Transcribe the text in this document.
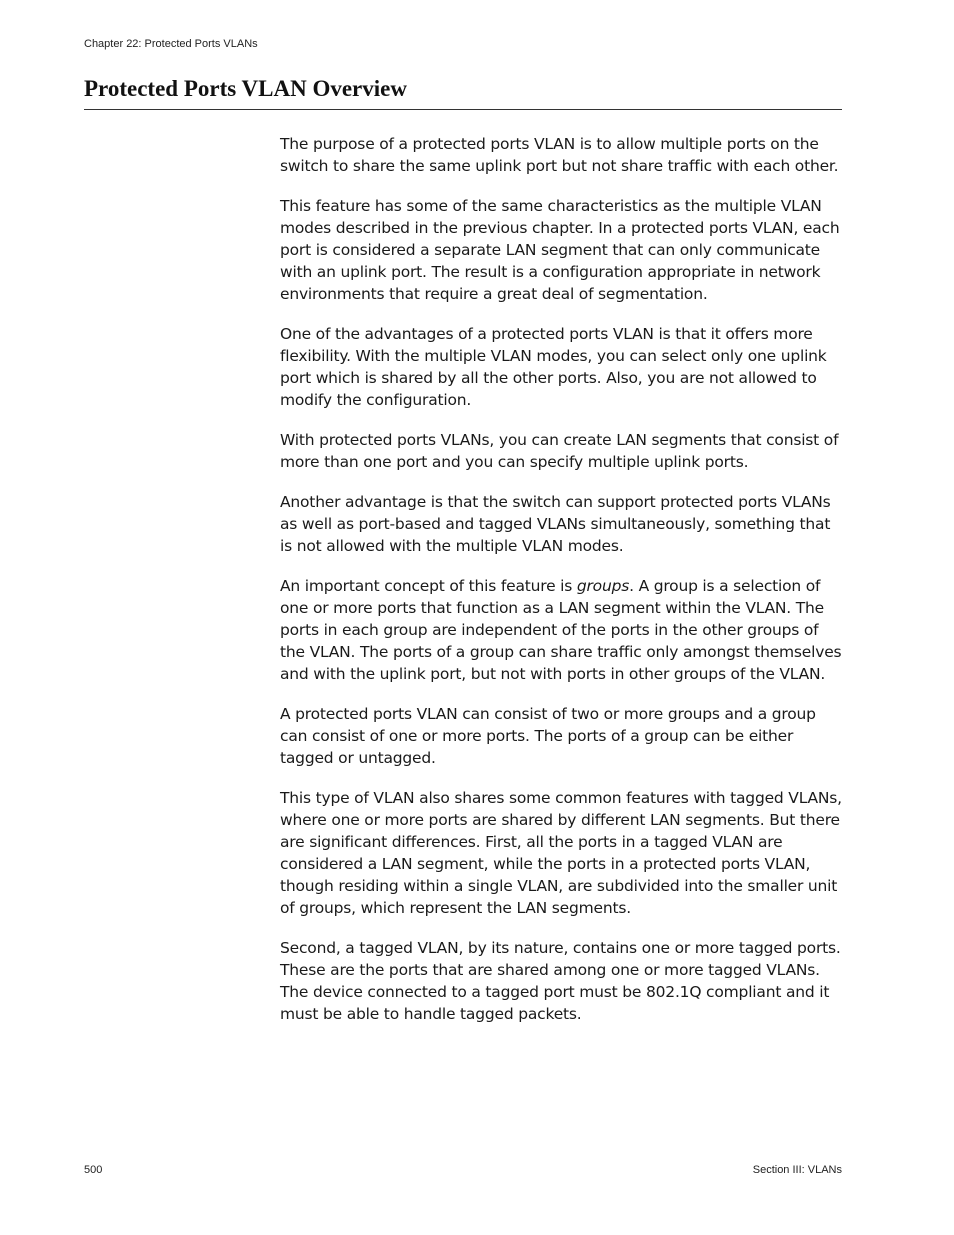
Chapter 22: Protected Ports VLANs
Protected Ports VLAN Overview

The purpose of a protected ports VLAN is to allow multiple ports on the switch to share the same uplink port but not share traffic with each other.

This feature has some of the same characteristics as the multiple VLAN modes described in the previous chapter. In a protected ports VLAN, each port is considered a separate LAN segment that can only communicate with an uplink port. The result is a configuration appropriate in network environments that require a great deal of segmentation.

One of the advantages of a protected ports VLAN is that it offers more flexibility. With the multiple VLAN modes, you can select only one uplink port which is shared by all the other ports. Also, you are not allowed to modify the configuration.

With protected ports VLANs, you can create LAN segments that consist of more than one port and you can specify multiple uplink ports.

Another advantage is that the switch can support protected ports VLANs as well as port-based and tagged VLANs simultaneously, something that is not allowed with the multiple VLAN modes.

An important concept of this feature is groups. A group is a selection of one or more ports that function as a LAN segment within the VLAN. The ports in each group are independent of the ports in the other groups of the VLAN. The ports of a group can share traffic only amongst themselves and with the uplink port, but not with ports in other groups of the VLAN.

A protected ports VLAN can consist of two or more groups and a group can consist of one or more ports. The ports of a group can be either tagged or untagged.

This type of VLAN also shares some common features with tagged VLANs, where one or more ports are shared by different LAN segments. But there are significant differences. First, all the ports in a tagged VLAN are considered a LAN segment, while the ports in a protected ports VLAN, though residing within a single VLAN, are subdivided into the smaller unit of groups, which represent the LAN segments.

Second, a tagged VLAN, by its nature, contains one or more tagged ports. These are the ports that are shared among one or more tagged VLANs. The device connected to a tagged port must be 802.1Q compliant and it must be able to handle tagged packets.

500	Section III: VLANs
